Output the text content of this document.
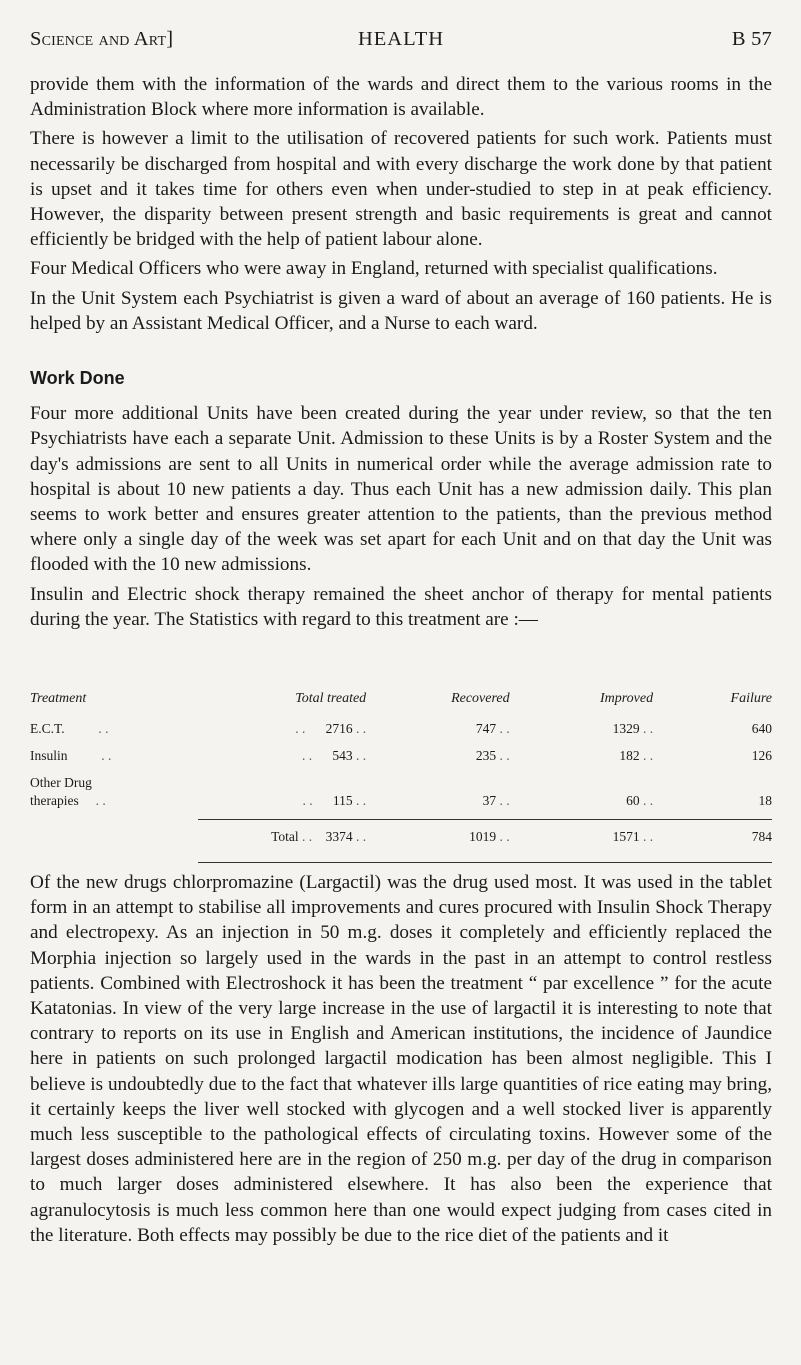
Science and Art]	HEALTH	B 57

provide them with the information of the wards and direct them to the various rooms in the Administration Block where more information is available.

There is however a limit to the utilisation of recovered patients for such work. Patients must necessarily be discharged from hospital and with every discharge the work done by that patient is upset and it takes time for others even when under-studied to step in at peak efficiency. However, the disparity between present strength and basic requirements is great and cannot efficiently be bridged with the help of patient labour alone.

Four Medical Officers who were away in England, returned with specialist qualifications.

In the Unit System each Psychiatrist is given a ward of about an average of 160 patients. He is helped by an Assistant Medical Officer, and a Nurse to each ward.

Work Done

Four more additional Units have been created during the year under review, so that the ten Psychiatrists have each a separate Unit. Admission to these Units is by a Roster System and the day's admissions are sent to all Units in numerical order while the average admission rate to hospital is about 10 new patients a day. Thus each Unit has a new admission daily. This plan seems to work better and ensures greater attention to the patients, than the previous method where only a single day of the week was set apart for each Unit and on that day the Unit was flooded with the 10 new admissions.

Insulin and Electric shock therapy remained the sheet anchor of therapy for mental patients during the year. The Statistics with regard to this treatment are :—

Treatment	Total treated	Recovered	Improved	Failure
E.C.T. . .	. . 2716 . .	747 . .	1329 . .	640
Insulin . .	. . 543 . .	235 . .	182 . .	126
Other Drug
therapies . .	. . 115 . .	37 . .	60 . .	18
	Total . . 3374 . .	1019 . .	1571 . .	784

Of the new drugs chlorpromazine (Largactil) was the drug used most. It was used in the tablet form in an attempt to stabilise all improvements and cures procured with Insulin Shock Therapy and electropexy. As an injection in 50 m.g. doses it completely and efficiently replaced the Morphia injection so largely used in the wards in the past in an attempt to control restless patients. Combined with Electroshock it has been the treatment “ par excellence ” for the acute Katatonias. In view of the very large increase in the use of largactil it is interesting to note that contrary to reports on its use in English and American institutions, the incidence of Jaundice here in patients on such prolonged largactil modication has been almost negligible. This I believe is undoubtedly due to the fact that whatever ills large quantities of rice eating may bring, it certainly keeps the liver well stocked with glycogen and a well stocked liver is apparently much less susceptible to the pathological effects of circulating toxins. However some of the largest doses administered here are in the region of 250 m.g. per day of the drug in comparison to much larger doses administered elsewhere. It has also been the experience that agranulocytosis is much less common here than one would expect judging from cases cited in the literature. Both effects may possibly be due to the rice diet of the patients and it
